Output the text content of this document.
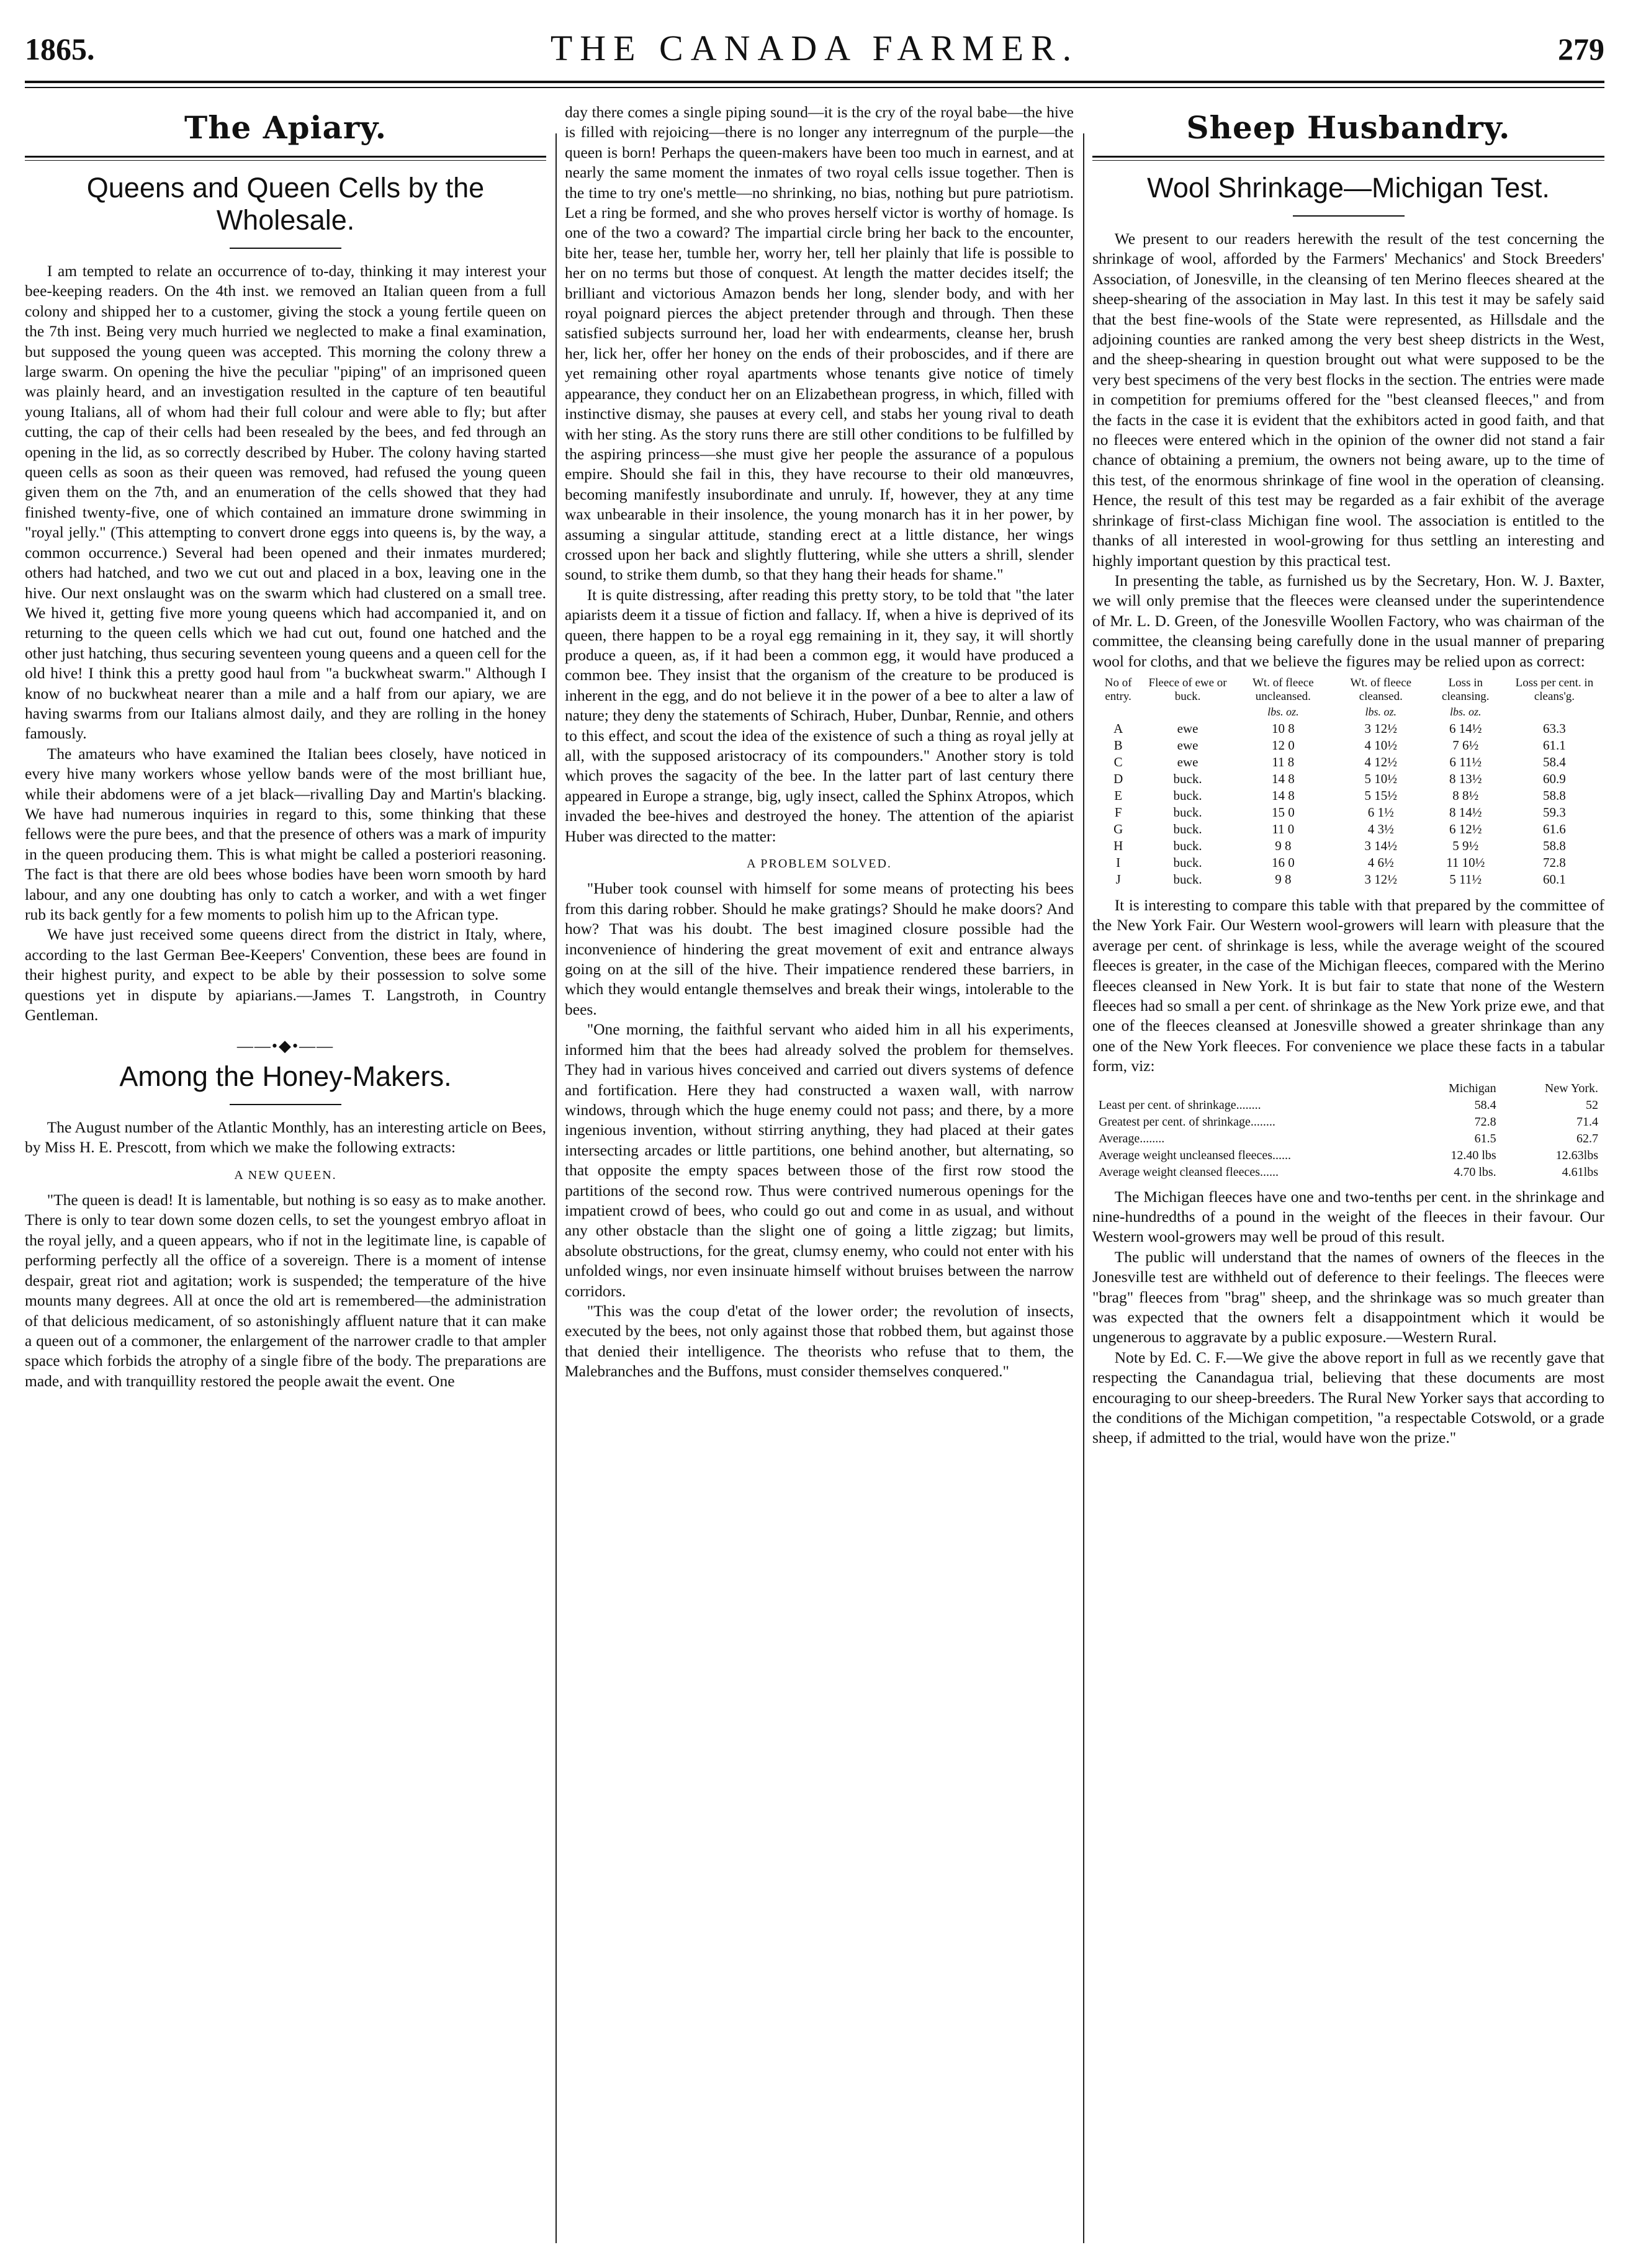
1865.	THE CANADA FARMER.	279
The Apiary.
Queens and Queen Cells by the Wholesale.

I am tempted to relate an occurrence of to-day, thinking it may interest your bee-keeping readers. On the 4th inst. we removed an Italian queen from a full colony and shipped her to a customer, giving the stock a young fertile queen on the 7th inst. Being very much hurried we neglected to make a final examination, but supposed the young queen was accepted. This morning the colony threw a large swarm. On opening the hive the peculiar "piping" of an imprisoned queen was plainly heard, and an investigation resulted in the capture of ten beautiful young Italians, all of whom had their full colour and were able to fly; but after cutting, the cap of their cells had been resealed by the bees, and fed through an opening in the lid, as so correctly described by Huber. The colony having started queen cells as soon as their queen was removed, had refused the young queen given them on the 7th, and an enumeration of the cells showed that they had finished twenty-five, one of which contained an immature drone swimming in "royal jelly." (This attempting to convert drone eggs into queens is, by the way, a common occurrence.) Several had been opened and their inmates murdered; others had hatched, and two we cut out and placed in a box, leaving one in the hive. Our next onslaught was on the swarm which had clustered on a small tree. We hived it, getting five more young queens which had accompanied it, and on returning to the queen cells which we had cut out, found one hatched and the other just hatching, thus securing seventeen young queens and a queen cell for the old hive! I think this a pretty good haul from "a buckwheat swarm." Although I know of no buckwheat nearer than a mile and a half from our apiary, we are having swarms from our Italians almost daily, and they are rolling in the honey famously.

The amateurs who have examined the Italian bees closely, have noticed in every hive many workers whose yellow bands were of the most brilliant hue, while their abdomens were of a jet black—rivalling Day and Martin's blacking. We have had numerous inquiries in regard to this, some thinking that these fellows were the pure bees, and that the presence of others was a mark of impurity in the queen producing them. This is what might be called a posteriori reasoning. The fact is that there are old bees whose bodies have been worn smooth by hard labour, and any one doubting has only to catch a worker, and with a wet finger rub its back gently for a few moments to polish him up to the African type.

We have just received some queens direct from the district in Italy, where, according to the last German Bee-Keepers' Convention, these bees are found in their highest purity, and expect to be able by their possession to solve some questions yet in dispute by apiarians.—James T. Langstroth, in Country Gentleman.

——•◆•——
Among the Honey-Makers.

The August number of the Atlantic Monthly, has an interesting article on Bees, by Miss H. E. Prescott, from which we make the following extracts:

A NEW QUEEN.

"The queen is dead! It is lamentable, but nothing is so easy as to make another. There is only to tear down some dozen cells, to set the youngest embryo afloat in the royal jelly, and a queen appears, who if not in the legitimate line, is capable of performing perfectly all the office of a sovereign. There is a moment of intense despair, great riot and agitation; work is suspended; the temperature of the hive mounts many degrees. All at once the old art is remembered—the administration of that delicious medicament, of so astonishingly affluent nature that it can make a queen out of a commoner, the enlargement of the narrower cradle to that ampler space which forbids the atrophy of a single fibre of the body. The preparations are made, and with tranquillity restored the people await the event. One

day there comes a single piping sound—it is the cry of the royal babe—the hive is filled with rejoicing—there is no longer any interregnum of the purple—the queen is born! Perhaps the queen-makers have been too much in earnest, and at nearly the same moment the inmates of two royal cells issue together. Then is the time to try one's mettle—no shrinking, no bias, nothing but pure patriotism. Let a ring be formed, and she who proves herself victor is worthy of homage. Is one of the two a coward? The impartial circle bring her back to the encounter, bite her, tease her, tumble her, worry her, tell her plainly that life is possible to her on no terms but those of conquest. At length the matter decides itself; the brilliant and victorious Amazon bends her long, slender body, and with her royal poignard pierces the abject pretender through and through. Then these satisfied subjects surround her, load her with endearments, cleanse her, brush her, lick her, offer her honey on the ends of their proboscides, and if there are yet remaining other royal apartments whose tenants give notice of timely appearance, they conduct her on an Elizabethean progress, in which, filled with instinctive dismay, she pauses at every cell, and stabs her young rival to death with her sting. As the story runs there are still other conditions to be fulfilled by the aspiring princess—she must give her people the assurance of a populous empire. Should she fail in this, they have recourse to their old manœuvres, becoming manifestly insubordinate and unruly. If, however, they at any time wax unbearable in their insolence, the young monarch has it in her power, by assuming a singular attitude, standing erect at a little distance, her wings crossed upon her back and slightly fluttering, while she utters a shrill, slender sound, to strike them dumb, so that they hang their heads for shame."

It is quite distressing, after reading this pretty story, to be told that "the later apiarists deem it a tissue of fiction and fallacy. If, when a hive is deprived of its queen, there happen to be a royal egg remaining in it, they say, it will shortly produce a queen, as, if it had been a common egg, it would have produced a common bee. They insist that the organism of the creature to be produced is inherent in the egg, and do not believe it in the power of a bee to alter a law of nature; they deny the statements of Schirach, Huber, Dunbar, Rennie, and others to this effect, and scout the idea of the existence of such a thing as royal jelly at all, with the supposed aristocracy of its compounders." Another story is told which proves the sagacity of the bee. In the latter part of last century there appeared in Europe a strange, big, ugly insect, called the Sphinx Atropos, which invaded the bee-hives and destroyed the honey. The attention of the apiarist Huber was directed to the matter:

A PROBLEM SOLVED.

"Huber took counsel with himself for some means of protecting his bees from this daring robber. Should he make gratings? Should he make doors? And how? That was his doubt. The best imagined closure possible had the inconvenience of hindering the great movement of exit and entrance always going on at the sill of the hive. Their impatience rendered these barriers, in which they would entangle themselves and break their wings, intolerable to the bees.

"One morning, the faithful servant who aided him in all his experiments, informed him that the bees had already solved the problem for themselves. They had in various hives conceived and carried out divers systems of defence and fortification. Here they had constructed a waxen wall, with narrow windows, through which the huge enemy could not pass; and there, by a more ingenious invention, without stirring anything, they had placed at their gates intersecting arcades or little partitions, one behind another, but alternating, so that opposite the empty spaces between those of the first row stood the partitions of the second row. Thus were contrived numerous openings for the impatient crowd of bees, who could go out and come in as usual, and without any other obstacle than the slight one of going a little zigzag; but limits, absolute obstructions, for the great, clumsy enemy, who could not enter with his unfolded wings, nor even insinuate himself without bruises between the narrow corridors.

"This was the coup d'etat of the lower order; the revolution of insects, executed by the bees, not only against those that robbed them, but against those that denied their intelligence. The theorists who refuse that to them, the Malebranches and the Buffons, must consider themselves conquered."

Sheep Husbandry.
Wool Shrinkage—Michigan Test.

We present to our readers herewith the result of the test concerning the shrinkage of wool, afforded by the Farmers' Mechanics' and Stock Breeders' Association, of Jonesville, in the cleansing of ten Merino fleeces sheared at the sheep-shearing of the association in May last. In this test it may be safely said that the best fine-wools of the State were represented, as Hillsdale and the adjoining counties are ranked among the very best sheep districts in the West, and the sheep-shearing in question brought out what were supposed to be the very best specimens of the very best flocks in the section. The entries were made in competition for premiums offered for the "best cleansed fleeces," and from the facts in the case it is evident that the exhibitors acted in good faith, and that no fleeces were entered which in the opinion of the owner did not stand a fair chance of obtaining a premium, the owners not being aware, up to the time of this test, of the enormous shrinkage of fine wool in the operation of cleansing. Hence, the result of this test may be regarded as a fair exhibit of the average shrinkage of first-class Michigan fine wool. The association is entitled to the thanks of all interested in wool-growing for thus settling an interesting and highly important question by this practical test.

In presenting the table, as furnished us by the Secretary, Hon. W. J. Baxter, we will only premise that the fleeces were cleansed under the superintendence of Mr. L. D. Green, of the Jonesville Woollen Factory, who was chairman of the committee, the cleansing being carefully done in the usual manner of preparing wool for cloths, and that we believe the figures may be relied upon as correct:

No of entry.	Fleece of ewe or buck.	Wt. of fleece uncleansed.	Wt. of fleece cleansed.	Loss in cleansing.	Loss per cent. in cleans'g.
		lbs. oz.	lbs. oz.	lbs. oz.	
A	ewe	10 8	3 12½	6 14½	63.3
B	ewe	12 0	4 10½	7 6½	61.1
C	ewe	11 8	4 12½	6 11½	58.4
D	buck.	14 8	5 10½	8 13½	60.9
E	buck.	14 8	5 15½	8 8½	58.8
F	buck.	15 0	6 1½	8 14½	59.3
G	buck.	11 0	4 3½	6 12½	61.6
H	buck.	9 8	3 14½	5 9½	58.8
I	buck.	16 0	4 6½	11 10½	72.8
J	buck.	9 8	3 12½	5 11½	60.1

It is interesting to compare this table with that prepared by the committee of the New York Fair. Our Western wool-growers will learn with pleasure that the average per cent. of shrinkage is less, while the average weight of the scoured fleeces is greater, in the case of the Michigan fleeces, compared with the Merino fleeces cleansed in New York. It is but fair to state that none of the Western fleeces had so small a per cent. of shrinkage as the New York prize ewe, and that one of the fleeces cleansed at Jonesville showed a greater shrinkage than any one of the New York fleeces. For convenience we place these facts in a tabular form, viz:

	Michigan	New York.
Least per cent. of shrinkage........	58.4	52
Greatest per cent. of shrinkage........	72.8	71.4
Average........	61.5	62.7
Average weight uncleansed fleeces......	12.40 lbs	12.63lbs
Average weight cleansed fleeces......	4.70 lbs.	4.61lbs

The Michigan fleeces have one and two-tenths per cent. in the shrinkage and nine-hundredths of a pound in the weight of the fleeces in their favour. Our Western wool-growers may well be proud of this result.

The public will understand that the names of owners of the fleeces in the Jonesville test are withheld out of deference to their feelings. The fleeces were "brag" fleeces from "brag" sheep, and the shrinkage was so much greater than was expected that the owners felt a disappointment which it would be ungenerous to aggravate by a public exposure.—Western Rural.

Note by Ed. C. F.—We give the above report in full as we recently gave that respecting the Canandagua trial, believing that these documents are most encouraging to our sheep-breeders. The Rural New Yorker says that according to the conditions of the Michigan competition, "a respectable Cotswold, or a grade sheep, if admitted to the trial, would have won the prize."
